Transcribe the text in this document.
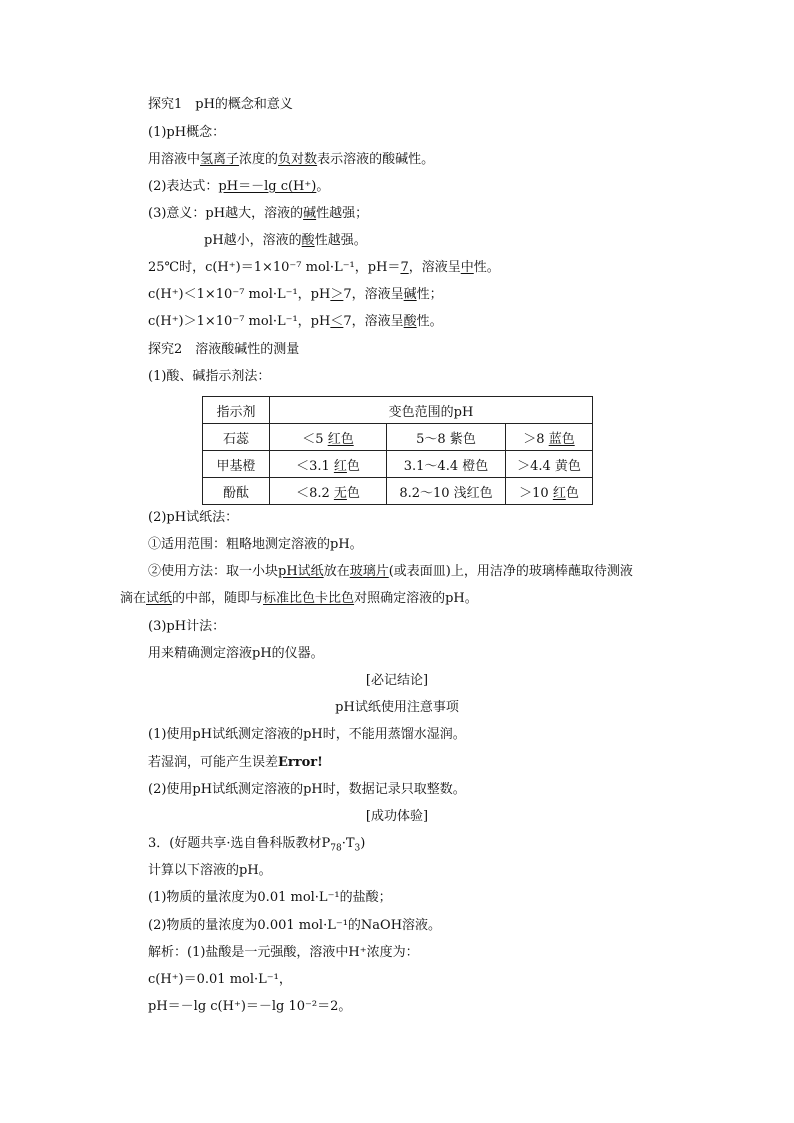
探究1　pH的概念和意义
(1)pH概念：
用溶液中氢离子浓度的负对数表示溶液的酸碱性。
(2)表达式：pH＝－lg c(H⁺)。
(3)意义：pH越大，溶液的碱性越强；
pH越小，溶液的酸性越强。
25℃时，c(H⁺)＝1×10⁻⁷ mol·L⁻¹，pH＝7，溶液呈中性。
c(H⁺)＜1×10⁻⁷ mol·L⁻¹，pH＞7，溶液呈碱性；
c(H⁺)＞1×10⁻⁷ mol·L⁻¹，pH＜7，溶液呈酸性。
探究2　溶液酸碱性的测量
(1)酸、碱指示剂法：
指示剂	变色范围的pH		
石蕊	＜5 红色	5～8 紫色	＞8 蓝色
甲基橙	＜3.1 红色	3.1～4.4 橙色	＞4.4 黄色
酚酞	＜8.2 无色	8.2～10 浅红色	＞10 红色
(2)pH试纸法：
①适用范围：粗略地测定溶液的pH。
②使用方法：取一小块pH试纸放在玻璃片(或表面皿)上，用洁净的玻璃棒蘸取待测液
滴在试纸的中部，随即与标准比色卡比色对照确定溶液的pH。
(3)pH计法：
用来精确测定溶液pH的仪器。
[必记结论]
pH试纸使用注意事项
(1)使用pH试纸测定溶液的pH时，不能用蒸馏水湿润。
若湿润，可能产生误差Error!
(2)使用pH试纸测定溶液的pH时，数据记录只取整数。
[成功体验]
3．(好题共享·选自鲁科版教材$P_{78}\cdot T_3$)
计算以下溶液的pH。
(1)物质的量浓度为0.01 mol·L⁻¹的盐酸；
(2)物质的量浓度为0.001 mol·L⁻¹的NaOH溶液。
解析：(1)盐酸是一元强酸，溶液中H⁺浓度为：
c(H⁺)＝0.01 mol·L⁻¹，
pH＝－lg c(H⁺)＝－lg 10⁻²＝2。
